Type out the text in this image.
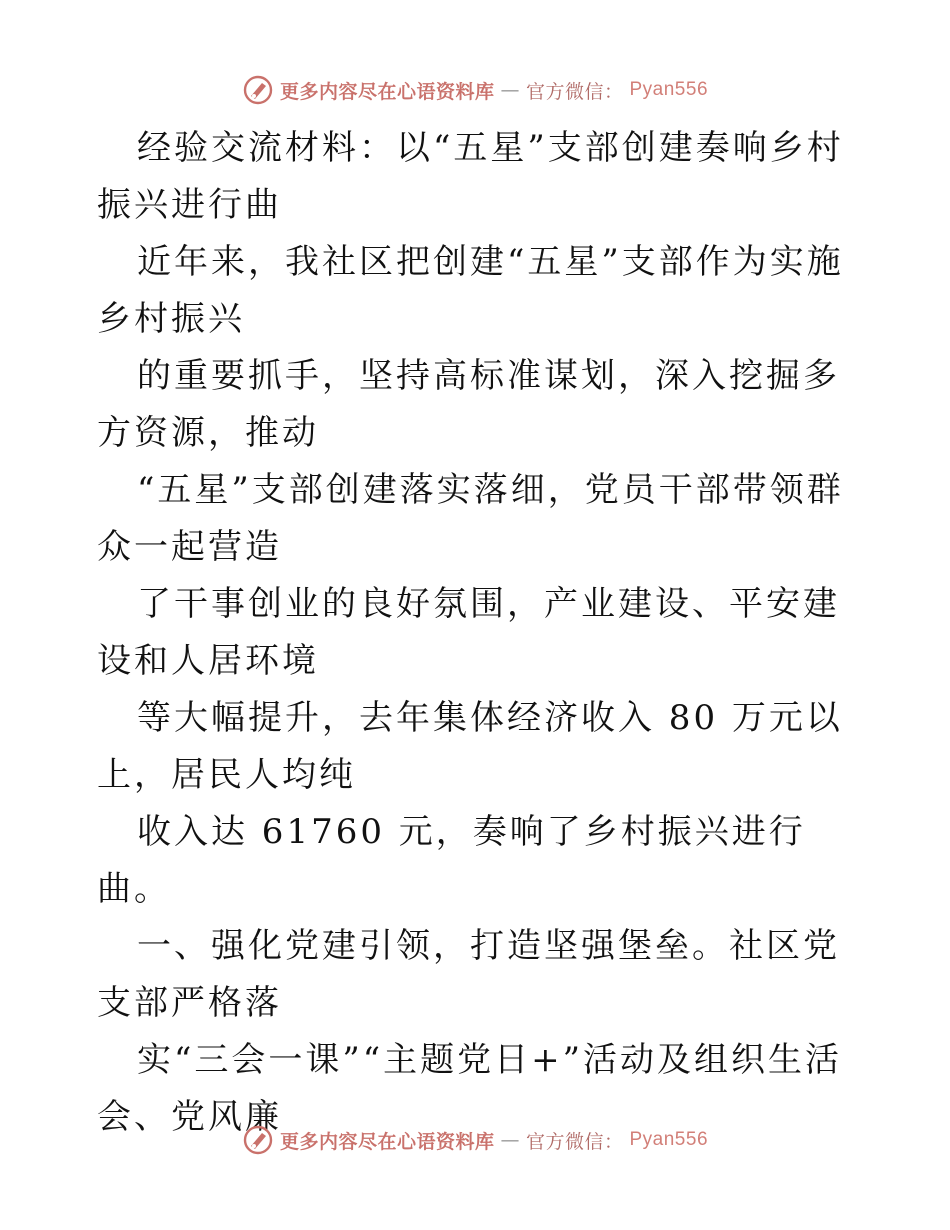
更多内容尽在心语资料库 — 官方微信： Pyan556

经验交流材料：以“五星”支部创建奏响乡村振兴进行曲

近年来，我社区把创建“五星”支部作为实施乡村振兴

的重要抓手，坚持高标准谋划，深入挖掘多方资源，推动

“五星”支部创建落实落细，党员干部带领群众一起营造

了干事创业的良好氛围，产业建设、平安建设和人居环境

等大幅提升，去年集体经济收入 80 万元以上，居民人均纯

收入达 61760 元，奏响了乡村振兴进行曲。

一、强化党建引领，打造坚强堡垒。社区党支部严格落

实“三会一课”“主题党日+”活动及组织生活会、党风廉

更多内容尽在心语资料库 — 官方微信： Pyan556
